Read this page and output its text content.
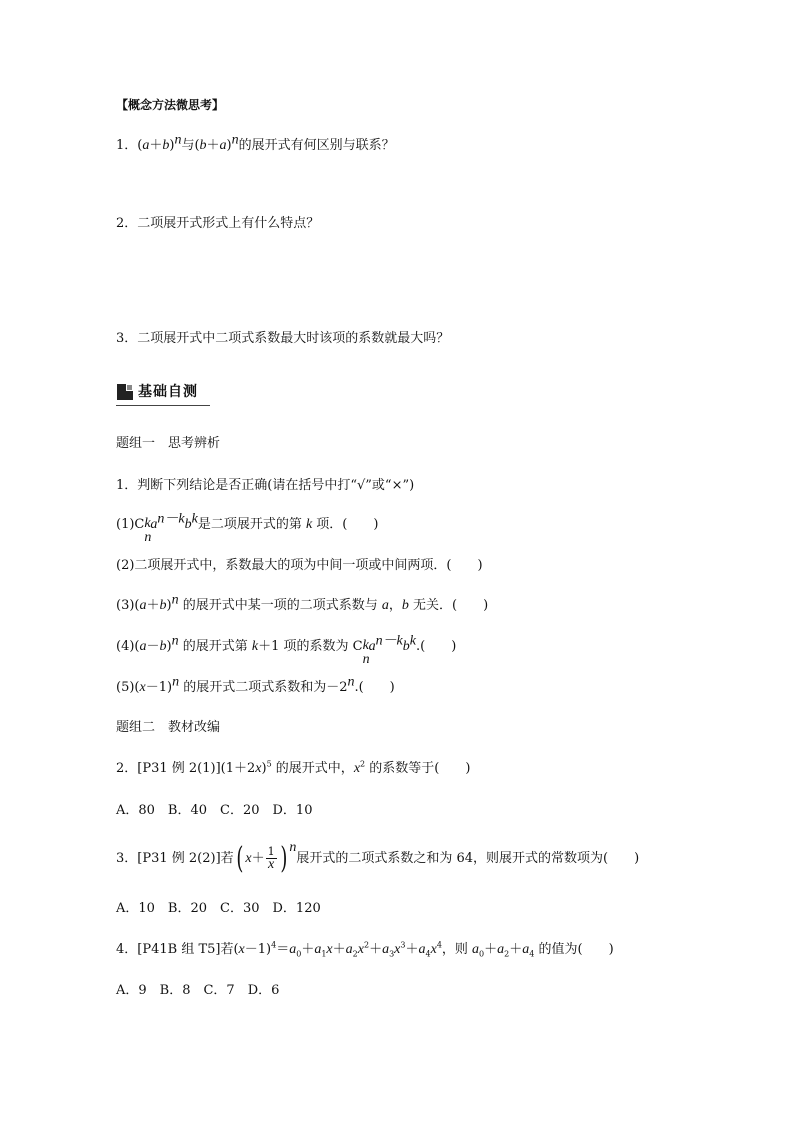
【概念方法微思考】
1．$(a+b)^n$与$(b+a)^n$的展开式有何区别与联系？
2．二项展开式形式上有什么特点？
3．二项展开式中二项式系数最大时该项的系数就最大吗？
基础自测
题组一　思考辨析
1．判断下列结论是否正确(请在括号中打“√”或“×”)
(1)C k
n
$a^{n-k}b^k$是二项展开式的第 k 项．(　　)
(2)二项展开式中，系数最大的项为中间一项或中间两项．(　　)
$(3)(a+b)^n$ 的展开式中某一项的二项式系数与 a，b 无关．(　　)
$(4)(a-b)^n$ 的展开式第 k＋1 项的系数为 C k
n
$a^{n-k}b^k$.(　　)
$(5)(x-1)^n$ 的展开式二项式系数和为$-2^n$.(　　)
题组二　教材改编
2．[P31 例 $2(1)](1+2x)^5$ 的展开式中，$x^2$ 的系数等于(　　)
A．80　B．40　C．20　D．10
3．[P31 例 2(2)]若( $x+ \frac{1}{x}$ ) $^n$展开式的二项式系数之和为 64，则展开式的常数项为(　　)
A．10　B．20　C．30　D．120
4．[P41B 组 T5]若$(x-1)^4=a_0+a_1x+a_2x^2+a_3x^3+a_4x^4$，则 $a_0+a_2+a_4$ 的值为(　　)
A．9　B．8　C．7　D．6
